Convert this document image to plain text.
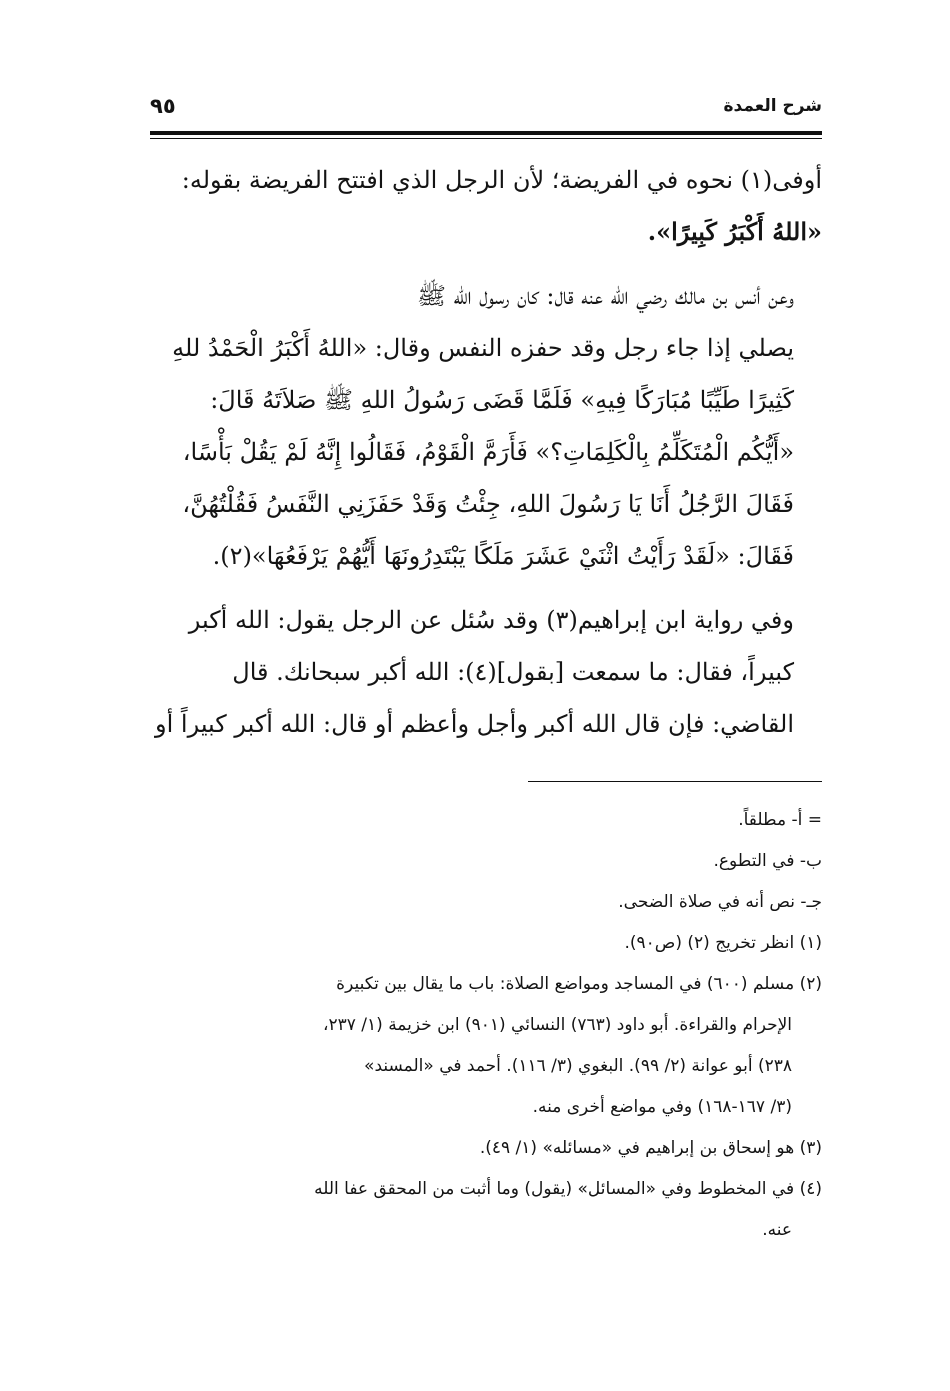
شرح العمدة
٩٥

أوفى(١) نحوه في الفريضة؛ لأن الرجل الذي افتتح الفريضة بقوله:
«اللهُ أَكْبَرُ كَبِيرًا».

وعن أنس بن مالك رضي الله عنه قال: كان رسول الله ﷺ
يصلي إذا جاء رجل وقد حفزه النفس وقال: «اللهُ أَكْبَرُ الْحَمْدُ للهِ
كَثِيرًا طَيِّبًا مُبَارَكًا فِيهِ» فَلَمَّا قَضَى رَسُولُ اللهِ ﷺ صَلاَتَهُ قَالَ:
«أَيُّكُم الْمُتَكَلِّمُ بِالْكَلِمَاتِ؟» فَأَرَمَّ الْقَوْمُ، فَقَالُوا إِنَّهُ لَمْ يَقُلْ بَأْسًا،
فَقَالَ الرَّجُلُ أَنَا يَا رَسُولَ اللهِ، جِئْتُ وَقَدْ حَفَزَنِي النَّفَسُ فَقُلْتُهُنَّ،
فَقَالَ: «لَقَدْ رَأَيْتُ اثْنَيْ عَشَرَ مَلَكًا يَبْتَدِرُونَهَا أَيُّهُمْ يَرْفَعُهَا»(٢).

وفي رواية ابن إبراهيم(٣) وقد سُئل عن الرجل يقول: الله أكبر
كبيراً، فقال: ما سمعت [بقول](٤): الله أكبر سبحانك. قال
القاضي: فإن قال الله أكبر وأجل وأعظم أو قال: الله أكبر كبيراً أو

= أ- مطلقاً.
ب- في التطوع.
جـ- نص أنه في صلاة الضحى.
(١) انظر تخريج (٢) (ص٩٠).
(٢) مسلم (٦٠٠) في المساجد ومواضع الصلاة: باب ما يقال بين تكبيرة
الإحرام والقراءة. أبو داود (٧٦٣) النسائي (٩٠١) ابن خزيمة (١/ ٢٣٧،
٢٣٨) أبو عوانة (٢/ ٩٩). البغوي (٣/ ١١٦). أحمد في «المسند»
(٣/ ١٦٧-١٦٨) وفي مواضع أخرى منه.
(٣) هو إسحاق بن إبراهيم في «مسائله» (١/ ٤٩).
(٤) في المخطوط وفي «المسائل» (يقول) وما أثبت من المحقق عفا الله
عنه.
